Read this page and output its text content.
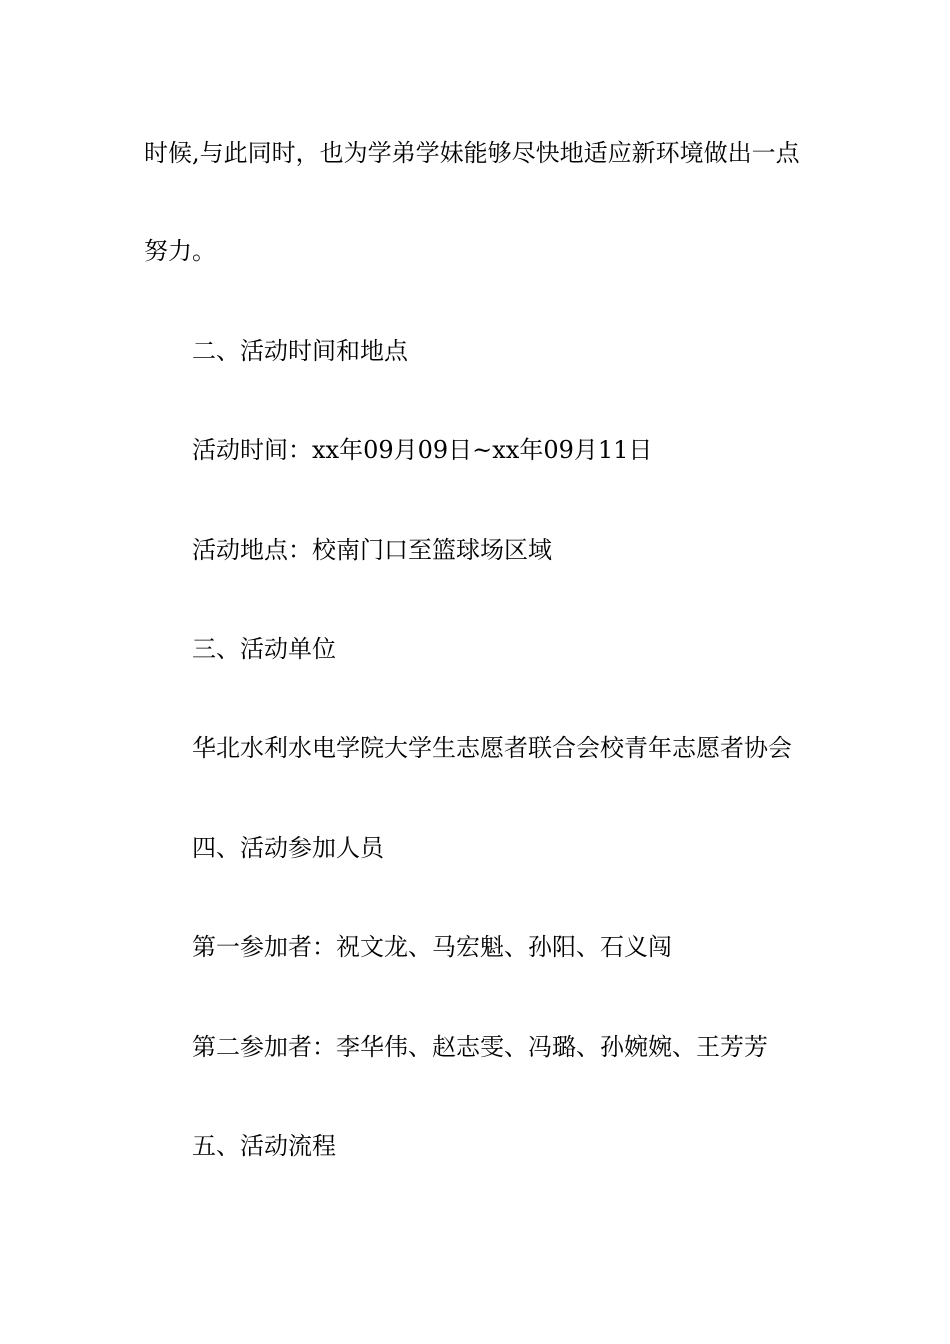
时候,与此同时，也为学弟学妹能够尽快地适应新环境做出一点
努力。
二、活动时间和地点
活动时间：xx年09月09日~xx年09月11日
活动地点：校南门口至篮球场区域
三、活动单位
华北水利水电学院大学生志愿者联合会校青年志愿者协会
四、活动参加人员
第一参加者：祝文龙、马宏魁、孙阳、石义闯
第二参加者：李华伟、赵志雯、冯璐、孙婉婉、王芳芳
五、活动流程
